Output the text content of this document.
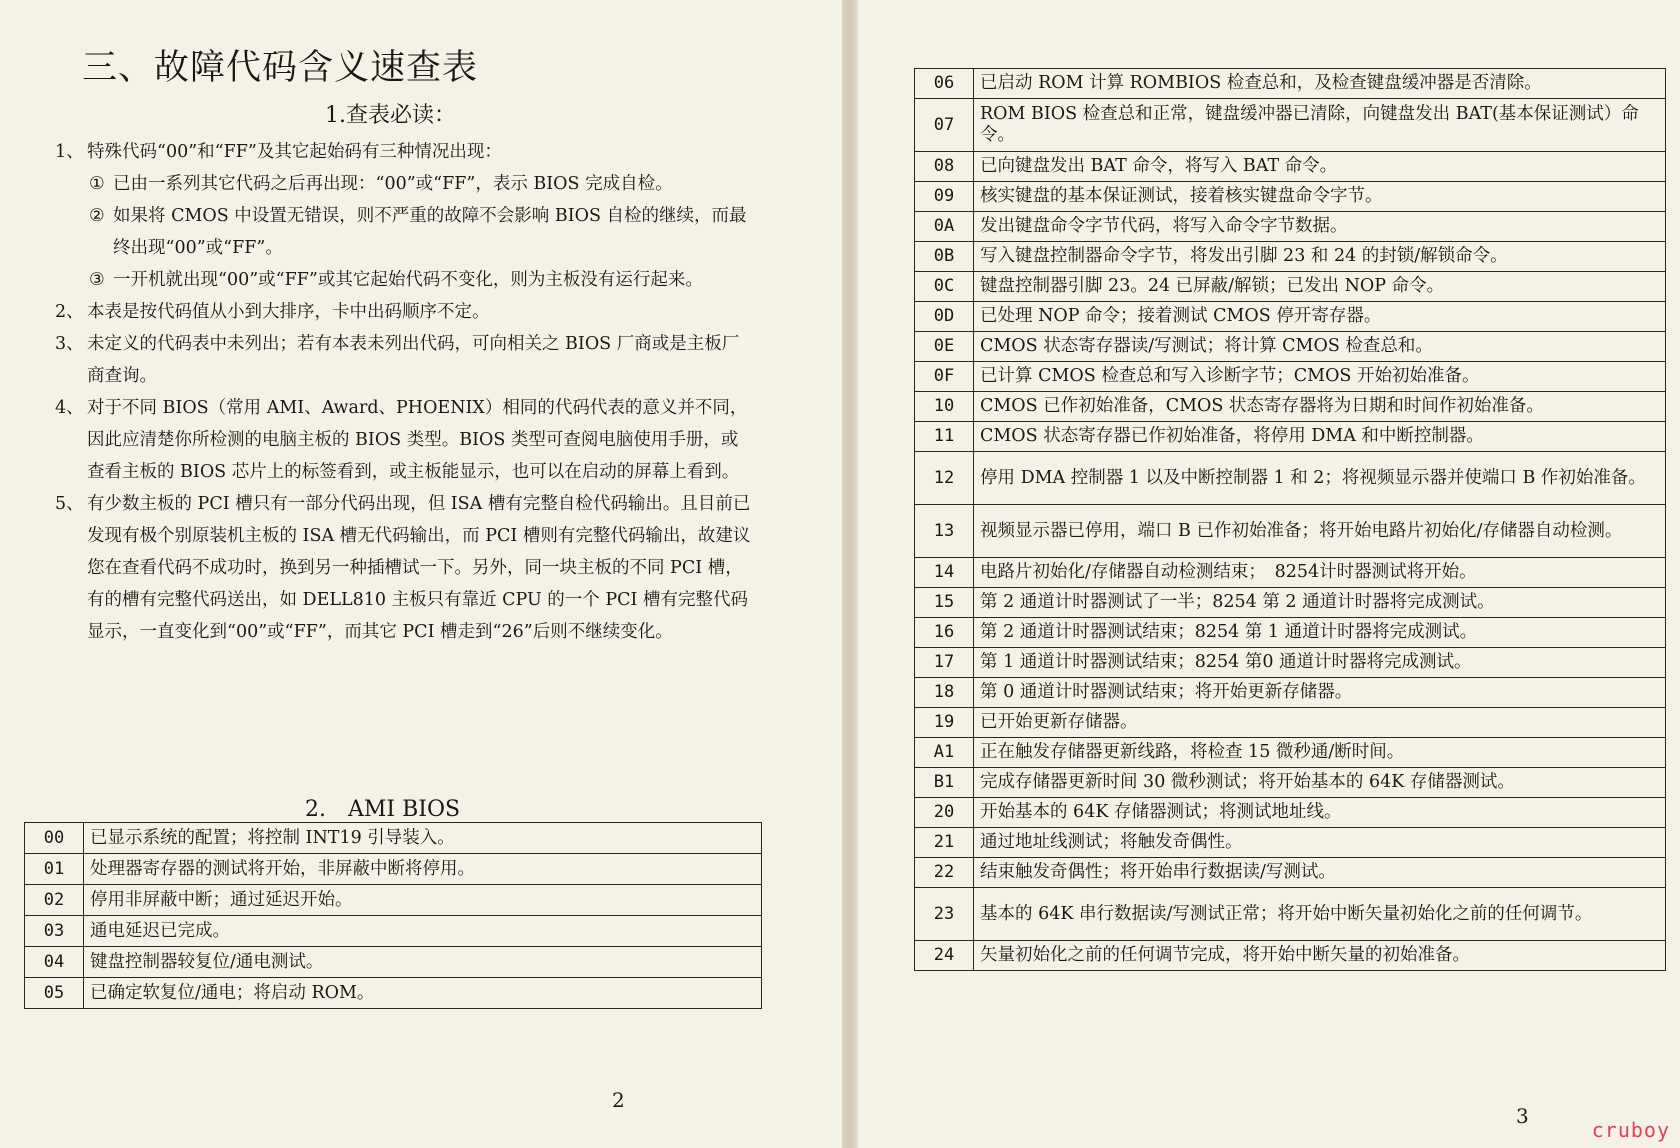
三、故障代码含义速查表
1.查表必读：
1、 特殊代码“00”和“FF”及其它起始码有三种情况出现：
① 已由一系列其它代码之后再出现：“00”或“FF”，表示 BIOS 完成自检。
② 如果将 CMOS 中设置无错误，则不严重的故障不会影响 BIOS 自检的继续，而最终出现“00”或“FF”。
③ 一开机就出现“00”或“FF”或其它起始代码不变化，则为主板没有运行起来。
2、 本表是按代码值从小到大排序，卡中出码顺序不定。
3、 未定义的代码表中未列出；若有本表未列出代码，可向相关之 BIOS 厂商或是主板厂商查询。
4、 对于不同 BIOS（常用 AMI、Award、PHOENIX）相同的代码代表的意义并不同，因此应清楚你所检测的电脑主板的 BIOS 类型。BIOS 类型可查阅电脑使用手册，或查看主板的 BIOS 芯片上的标签看到，或主板能显示，也可以在启动的屏幕上看到。
5、 有少数主板的 PCI 槽只有一部分代码出现，但 ISA 槽有完整自检代码输出。且目前已发现有极个别原装机主板的 ISA 槽无代码输出，而 PCI 槽则有完整代码输出，故建议您在查看代码不成功时，换到另一种插槽试一下。另外，同一块主板的不同 PCI 槽，有的槽有完整代码送出，如 DELL810 主板只有靠近 CPU 的一个 PCI 槽有完整代码显示，一直变化到“00”或“FF”，而其它 PCI 槽走到“26”后则不继续变化。
2.　AMI BIOS
00	已显示系统的配置；将控制 INT19 引导装入。
01	处理器寄存器的测试将开始，非屏蔽中断将停用。
02	停用非屏蔽中断；通过延迟开始。
03	通电延迟已完成。
04	键盘控制器较复位/通电测试。
05	已确定软复位/通电；将启动 ROM。
2
3
06	已启动 ROM 计算 ROMBIOS 检查总和，及检查键盘缓冲器是否清除。
07	ROM BIOS 检查总和正常，键盘缓冲器已清除，向键盘发出 BAT(基本保证测试）命令。
08	已向键盘发出 BAT 命令，将写入 BAT 命令。
09	核实键盘的基本保证测试，接着核实键盘命令字节。
0A	发出键盘命令字节代码，将写入命令字节数据。
0B	写入键盘控制器命令字节，将发出引脚 23 和 24 的封锁/解锁命令。
0C	键盘控制器引脚 23。24 已屏蔽/解锁；已发出 NOP 命令。
0D	已处理 NOP 命令；接着测试 CMOS 停开寄存器。
0E	CMOS 状态寄存器读/写测试；将计算 CMOS 检查总和。
0F	已计算 CMOS 检查总和写入诊断字节；CMOS 开始初始准备。
10	CMOS 已作初始准备，CMOS 状态寄存器将为日期和时间作初始准备。
11	CMOS 状态寄存器已作初始准备，将停用 DMA 和中断控制器。
12	停用 DMA 控制器 1 以及中断控制器 1 和 2；将视频显示器并使端口 B 作初始准备。
13	视频显示器已停用，端口 B 已作初始准备；将开始电路片初始化/存储器自动检测。
14	电路片初始化/存储器自动检测结束；　8254计时器测试将开始。
15	第 2 通道计时器测试了一半；8254 第 2 通道计时器将完成测试。
16	第 2 通道计时器测试结束；8254 第 1 通道计时器将完成测试。
17	第 1 通道计时器测试结束；8254 第0 通道计时器将完成测试。
18	第 0 通道计时器测试结束；将开始更新存储器。
19	已开始更新存储器。
A1	正在触发存储器更新线路，将检查 15 微秒通/断时间。
B1	完成存储器更新时间 30 微秒测试；将开始基本的 64K 存储器测试。
20	开始基本的 64K 存储器测试；将测试地址线。
21	通过地址线测试；将触发奇偶性。
22	结束触发奇偶性；将开始串行数据读/写测试。
23	基本的 64K 串行数据读/写测试正常；将开始中断矢量初始化之前的任何调节。
24	矢量初始化之前的任何调节完成，将开始中断矢量的初始准备。
cruboy
